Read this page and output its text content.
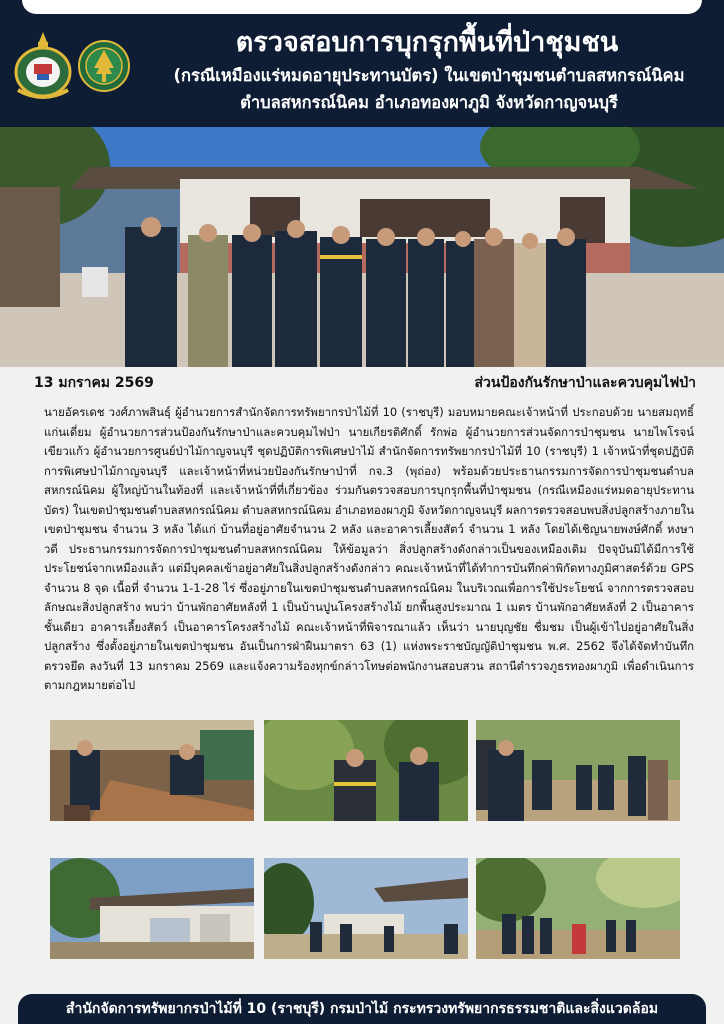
ตรวจสอบการบุกรุกพื้นที่ป่าชุมชน
(กรณีเหมืองแร่หมดอายุประทานบัตร) ในเขตป่าชุมชนตำบลสหกรณ์นิคม
ตำบลสหกรณ์นิคม อำเภอทองผาภูมิ จังหวัดกาญจนบุรี
13 มกราคม 2569	ส่วนป้องกันรักษาป่าและควบคุมไฟป่า
นายอัครเดช วงศ์ภาพสินธุ์ ผู้อำนวยการสำนักจัดการทรัพยากรป่าไม้ที่ 10 (ราชบุรี) มอบหมายคณะเจ้าหน้าที่ ประกอบด้วย นายสมฤทธิ์ แก่นเดี่ยม ผู้อำนวยการส่วนป้องกันรักษาป่าและควบคุมไฟป่า นายเกียรติศักดิ์ รักพ่อ ผู้อำนวยการส่วนจัดการป่าชุมชน นายไพโรจน์ เขียวแก้ว ผู้อำนวยการศูนย์ป่าไม้กาญจนบุรี ชุดปฏิบัติการพิเศษป่าไม้ สำนักจัดการทรัพยากรป่าไม้ที่ 10 (ราชบุรี) 1 เจ้าหน้าที่ชุดปฏิบัติการพิเศษป่าไม้กาญจนบุรี และเจ้าหน้าที่หน่วยป้องกันรักษาป่าที่ กจ.3 (พุถ่อง) พร้อมด้วยประธานกรรมการจัดการป่าชุมชนตำบลสหกรณ์นิคม ผู้ใหญ่บ้านในท้องที่ และเจ้าหน้าที่ที่เกี่ยวข้อง ร่วมกันตรวจสอบการบุกรุกพื้นที่ป่าชุมชน (กรณีเหมืองแร่หมดอายุประทานบัตร) ในเขตป่าชุมชนตำบลสหกรณ์นิคม ตำบลสหกรณ์นิคม อำเภอทองผาภูมิ จังหวัดกาญจนบุรี ผลการตรวจสอบพบสิ่งปลูกสร้างภายในเขตป่าชุมชน จำนวน 3 หลัง ได้แก่ บ้านที่อยู่อาศัยจำนวน 2 หลัง และอาคารเลี้ยงสัตว์ จำนวน 1 หลัง โดยได้เชิญนายพงษ์ศักดิ์ หงษาวดี ประธานกรรมการจัดการป่าชุมชนตำบลสหกรณ์นิคม ให้ข้อมูลว่า สิ่งปลูกสร้างดังกล่าวเป็นของเหมืองเดิม ปัจจุบันมิได้มีการใช้ประโยชน์จากเหมืองแล้ว แต่มีบุคคลเข้าอยู่อาศัยในสิ่งปลูกสร้างดังกล่าว คณะเจ้าหน้าที่ได้ทำการบันทึกค่าพิกัดทางภูมิศาสตร์ด้วย GPS จำนวน 8 จุด เนื้อที่ จำนวน 1-1-28 ไร่ ซึ่งอยู่ภายในเขตป่าชุมชนตำบลสหกรณ์นิคม ในบริเวณเพื่อการใช้ประโยชน์ จากการตรวจสอบลักษณะสิ่งปลูกสร้าง พบว่า บ้านพักอาศัยหลังที่ 1 เป็นบ้านปูนโครงสร้างไม้ ยกพื้นสูงประมาณ 1 เมตร บ้านพักอาศัยหลังที่ 2 เป็นอาคารชั้นเดียว อาคารเลี้ยงสัตว์ เป็นอาคารโครงสร้างไม้ คณะเจ้าหน้าที่พิจารณาแล้ว เห็นว่า นายบุญชัย ชื่มชม เป็นผู้เข้าไปอยู่อาศัยในสิ่งปลูกสร้าง ซึ่งตั้งอยู่ภายในเขตป่าชุมชน อันเป็นการฝ่าฝืนมาตรา 63 (1) แห่งพระราชบัญญัติป่าชุมชน พ.ศ. 2562 จึงได้จัดทำบันทึกตรวจยึด ลงวันที่ 13 มกราคม 2569 และแจ้งความร้องทุกข์กล่าวโทษต่อพนักงานสอบสวน สถานีตำรวจภูธรทองผาภูมิ เพื่อดำเนินการตามกฎหมายต่อไป
สำนักจัดการทรัพยากรป่าไม้ที่ 10 (ราชบุรี) กรมป่าไม้ กระทรวงทรัพยากรธรรมชาติและสิ่งแวดล้อม
